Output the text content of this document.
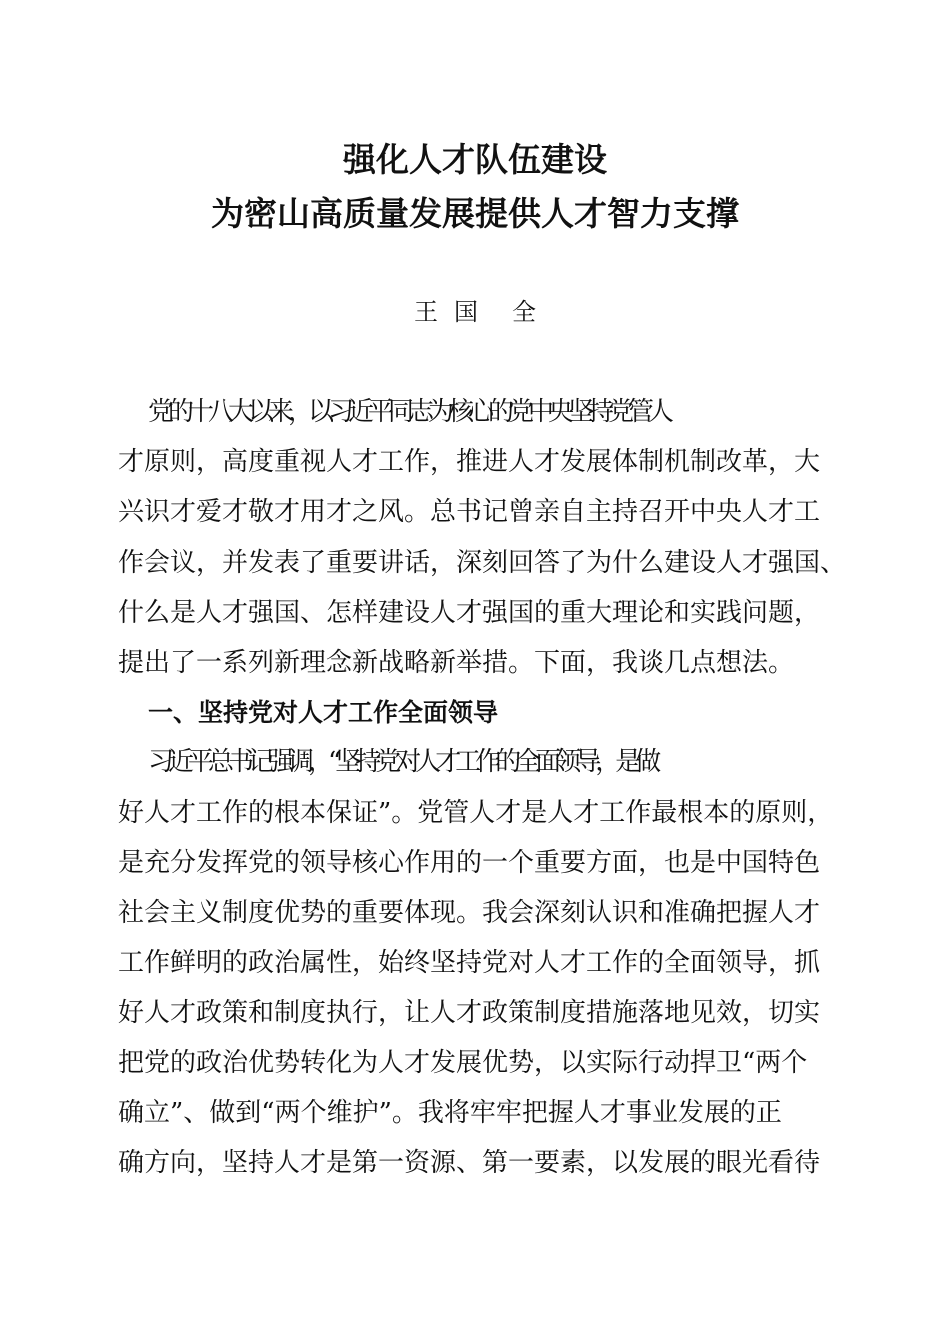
强化人才队伍建设
为密山高质量发展提供人才智力支撑
王 国 全

党的十八大以来，以习近平同志为核心的党中央坚持党管人

才原则，高度重视人才工作，推进人才发展体制机制改革，大

兴识才爱才敬才用才之风。总书记曾亲自主持召开中央人才工

作会议，并发表了重要讲话，深刻回答了为什么建设人才强国、

什么是人才强国、怎样建设人才强国的重大理论和实践问题，

提出了一系列新理念新战略新举措。下面，我谈几点想法。

一、坚持党对人才工作全面领导

习近平总书记强调，“坚持党对人才工作的全面领导，是做

好人才工作的根本保证”。党管人才是人才工作最根本的原则，

是充分发挥党的领导核心作用的一个重要方面，也是中国特色

社会主义制度优势的重要体现。我会深刻认识和准确把握人才

工作鲜明的政治属性，始终坚持党对人才工作的全面领导，抓

好人才政策和制度执行，让人才政策制度措施落地见效，切实

把党的政治优势转化为人才发展优势，以实际行动捍卫“两个

确立”、做到“两个维护”。我将牢牢把握人才事业发展的正

确方向，坚持人才是第一资源、第一要素，以发展的眼光看待
